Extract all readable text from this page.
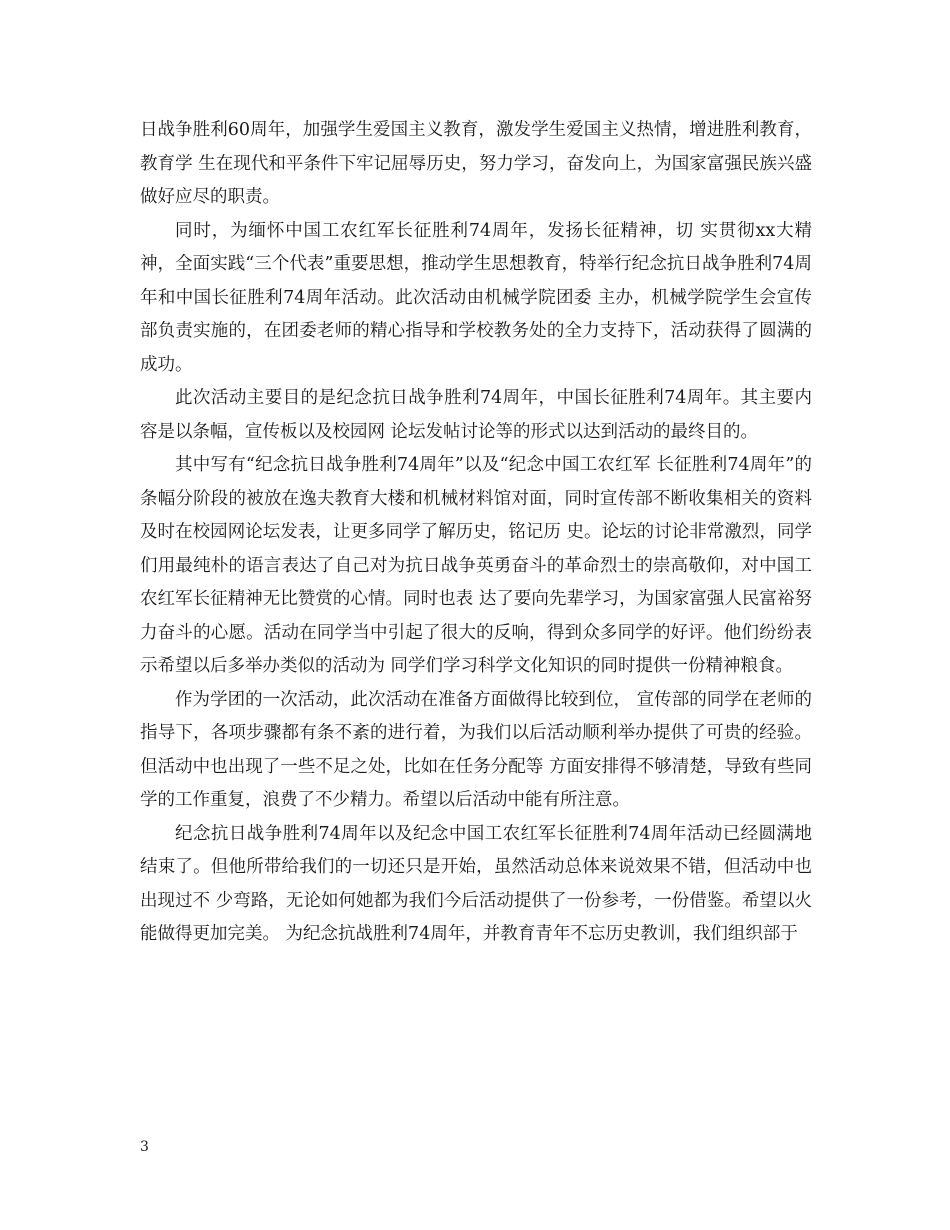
日战争胜利60周年，加强学生爱国主义教育，激发学生爱国主义热情，增进胜利教育，教育学 生在现代和平条件下牢记屈辱历史，努力学习，奋发向上，为国家富强民族兴盛做好应尽的职责。

同时，为缅怀中国工农红军长征胜利74周年，发扬长征精神，切 实贯彻xx大精神，全面实践“三个代表”重要思想，推动学生思想教育，特举行纪念抗日战争胜利74周年和中国长征胜利74周年活动。此次活动由机械学院团委 主办，机械学院学生会宣传部负责实施的，在团委老师的精心指导和学校教务处的全力支持下，活动获得了圆满的成功。

此次活动主要目的是纪念抗日战争胜利74周年，中国长征胜利74周年。其主要内容是以条幅，宣传板以及校园网 论坛发帖讨论等的形式以达到活动的最终目的。

其中写有“纪念抗日战争胜利74周年”以及“纪念中国工农红军 长征胜利74周年”的条幅分阶段的被放在逸夫教育大楼和机械材料馆对面，同时宣传部不断收集相关的资料及时在校园网论坛发表，让更多同学了解历史，铭记历 史。论坛的讨论非常激烈，同学们用最纯朴的语言表达了自己对为抗日战争英勇奋斗的革命烈士的崇高敬仰，对中国工农红军长征精神无比赞赏的心情。同时也表 达了要向先辈学习，为国家富强人民富裕努力奋斗的心愿。活动在同学当中引起了很大的反响，得到众多同学的好评。他们纷纷表示希望以后多举办类似的活动为 同学们学习科学文化知识的同时提供一份精神粮食。

作为学团的一次活动，此次活动在准备方面做得比较到位， 宣传部的同学在老师的指导下，各项步骤都有条不紊的进行着，为我们以后活动顺利举办提供了可贵的经验。但活动中也出现了一些不足之处，比如在任务分配等 方面安排得不够清楚，导致有些同学的工作重复，浪费了不少精力。希望以后活动中能有所注意。

纪念抗日战争胜利74周年以及纪念中国工农红军长征胜利74周年活动已经圆满地结束了。但他所带给我们的一切还只是开始，虽然活动总体来说效果不错，但活动中也出现过不 少弯路，无论如何她都为我们今后活动提供了一份参考，一份借鉴。希望以火能做得更加完美。 为纪念抗战胜利74周年，并教育青年不忘历史教训，我们组织部于

3
